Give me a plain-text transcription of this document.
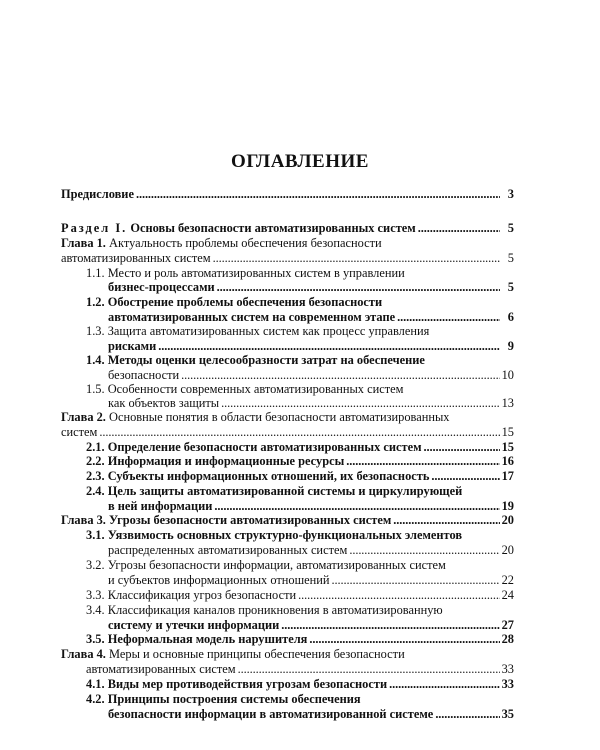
ОГЛАВЛЕНИЕ
Предисловие . . .	3
Раздел I. Основы безопасности автоматизированных систем . . .	5
Глава 1. Актуальность проблемы обеспечения безопасности
автоматизированных систем . . .	5
1.1. Место и роль автоматизированных систем в управлении
бизнес-процессами . . .	5
1.2. Обострение проблемы обеспечения безопасности
автоматизированных систем на современном этапе . . .	6
1.3. Защита автоматизированных систем как процесс управления
рисками . . .	9
1.4. Методы оценки целесообразности затрат на обеспечение
безопасности . . .	10
1.5. Особенности современных автоматизированных систем
как объектов защиты . . .	13
Глава 2. Основные понятия в области безопасности автоматизированных
систем . . .	15
2.1. Определение безопасности автоматизированных систем . . .	15
2.2. Информация и информационные ресурсы . . .	16
2.3. Субъекты информационных отношений, их безопасность . . .	17
2.4. Цель защиты автоматизированной системы и циркулирующей
в ней информации . . .	19
Глава 3. Угрозы безопасности автоматизированных систем . . .	20
3.1. Уязвимость основных структурно-функциональных элементов
распределенных автоматизированных систем . . .	20
3.2. Угрозы безопасности информации, автоматизированных систем
и субъектов информационных отношений . . .	22
3.3. Классификация угроз безопасности . . .	24
3.4. Классификация каналов проникновения в автоматизированную
систему и утечки информации . . .	27
3.5. Неформальная модель нарушителя . . .	28
Глава 4. Меры и основные принципы обеспечения безопасности
автоматизированных систем . . .	33
4.1. Виды мер противодействия угрозам безопасности . . .	33
4.2. Принципы построения системы обеспечения
безопасности информации в автоматизированной системе . . .	35
